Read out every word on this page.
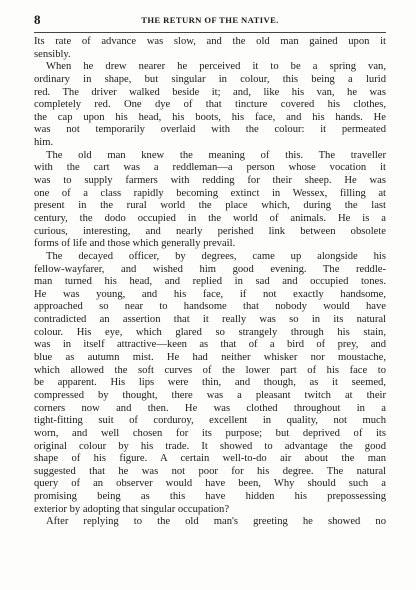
8	THE RETURN OF THE NATIVE.
Its rate of advance was slow, and the old man gained upon it
sensibly.
When he drew nearer he perceived it to be a spring van,
ordinary in shape, but singular in colour, this being a lurid
red. The driver walked beside it; and, like his van, he was
completely red. One dye of that tincture covered his clothes,
the cap upon his head, his boots, his face, and his hands. He
was not temporarily overlaid with the colour: it permeated
him.
The old man knew the meaning of this. The traveller
with the cart was a reddleman—a person whose vocation it
was to supply farmers with redding for their sheep. He was
one of a class rapidly becoming extinct in Wessex, filling at
present in the rural world the place which, during the last
century, the dodo occupied in the world of animals. He is a
curious, interesting, and nearly perished link between obsolete
forms of life and those which generally prevail.
The decayed officer, by degrees, came up alongside his
fellow-wayfarer, and wished him good evening. The reddle-
man turned his head, and replied in sad and occupied tones.
He was young, and his face, if not exactly handsome,
approached so near to handsome that nobody would have
contradicted an assertion that it really was so in its natural
colour. His eye, which glared so strangely through his stain,
was in itself attractive—keen as that of a bird of prey, and
blue as autumn mist. He had neither whisker nor moustache,
which allowed the soft curves of the lower part of his face to
be apparent. His lips were thin, and though, as it seemed,
compressed by thought, there was a pleasant twitch at their
corners now and then. He was clothed throughout in a
tight-fitting suit of corduroy, excellent in quality, not much
worn, and well chosen for its purpose; but deprived of its
original colour by his trade. It showed to advantage the good
shape of his figure. A certain well-to-do air about the man
suggested that he was not poor for his degree. The natural
query of an observer would have been, Why should such a
promising being as this have hidden his prepossessing
exterior by adopting that singular occupation?
After replying to the old man's greeting he showed no
